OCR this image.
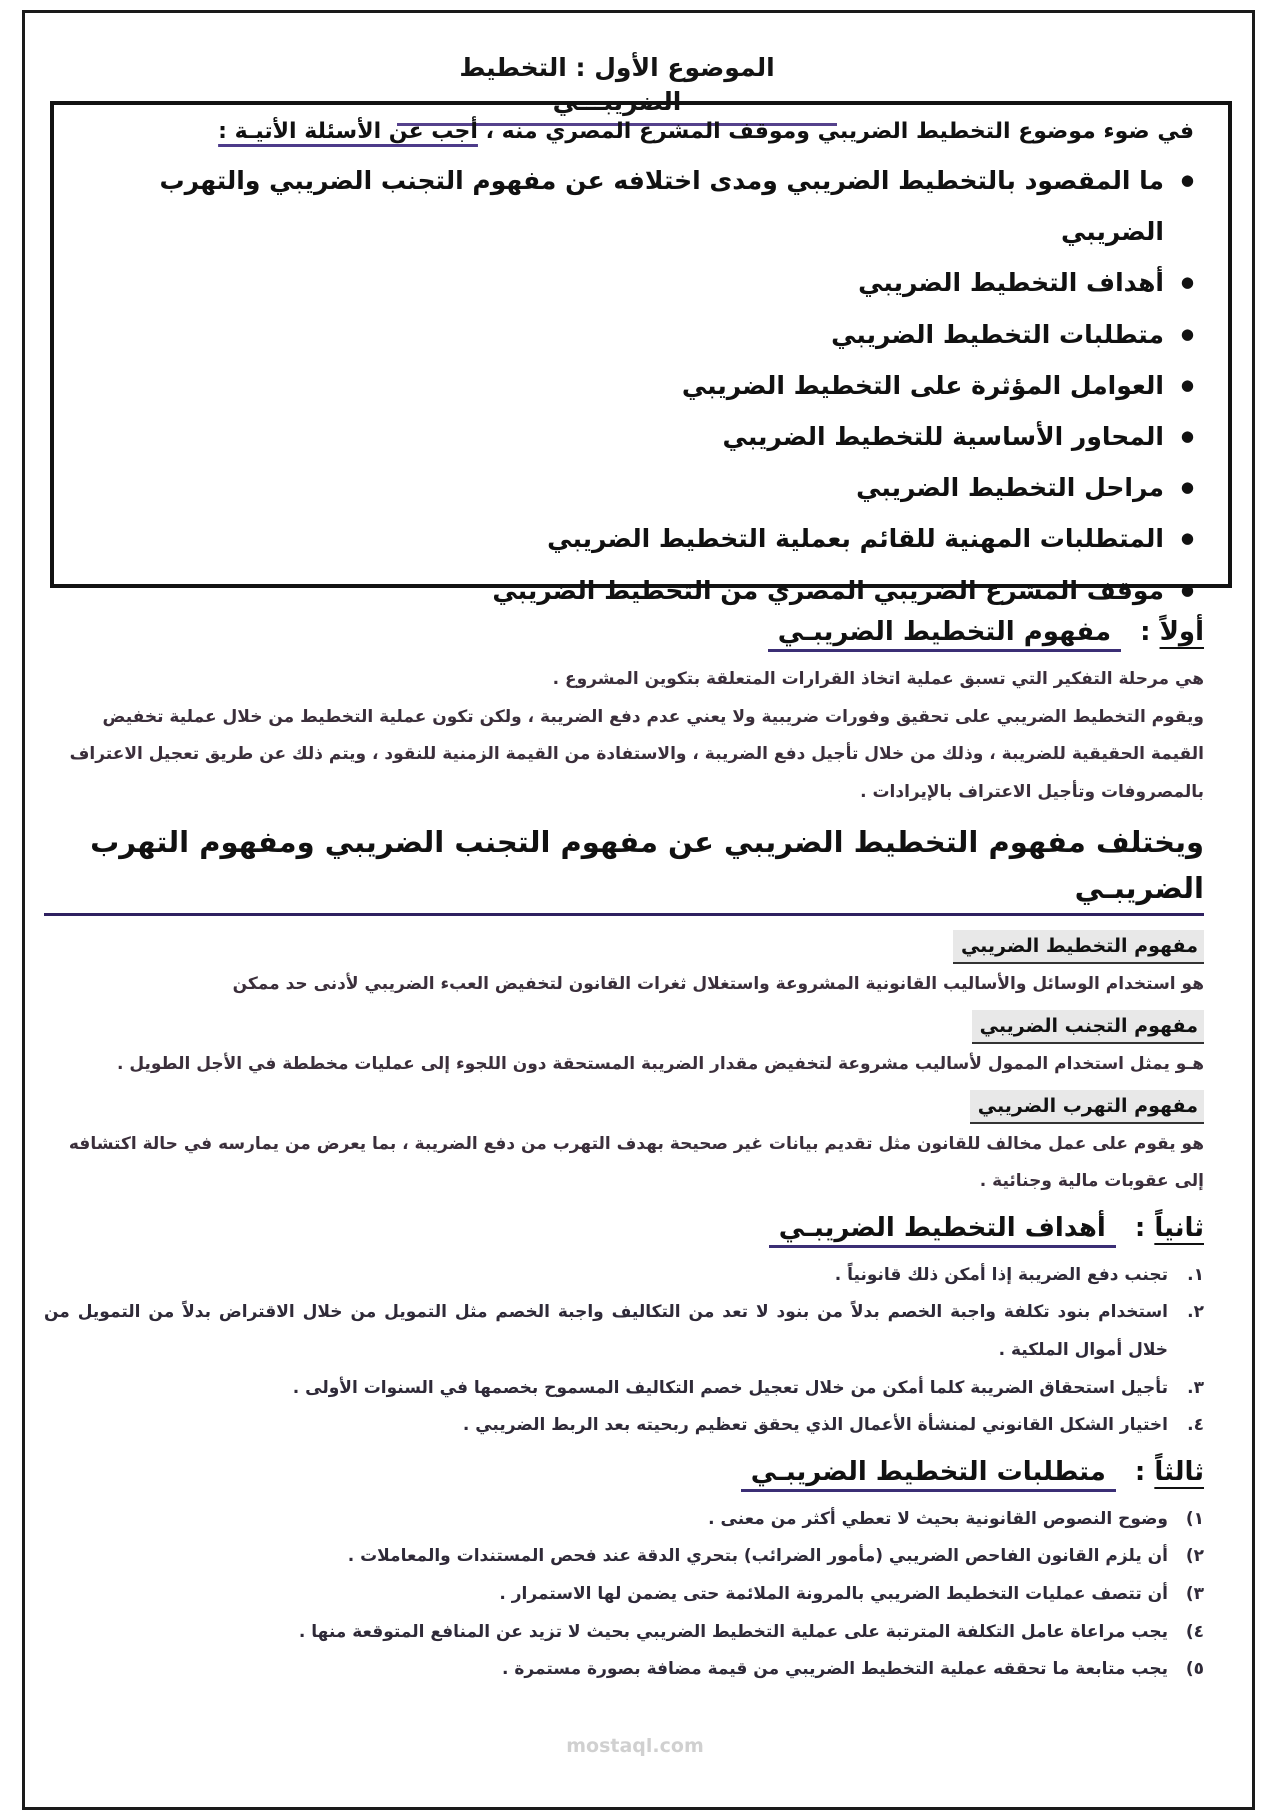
الموضوع الأول : التخطيط الضريبـــي

في ضوء موضوع التخطيط الضريبي وموقف المشرع المصري منه ، أجب عن الأسئلة الأتيـة :

● ما المقصود بالتخطيط الضريبي ومدى اختلافه عن مفهوم التجنب الضريبي والتهرب الضريبي
● أهداف التخطيط الضريبي
● متطلبات التخطيط الضريبي
● العوامل المؤثرة على التخطيط الضريبي
● المحاور الأساسية للتخطيط الضريبي
● مراحل التخطيط الضريبي
● المتطلبات المهنية للقائم بعملية التخطيط الضريبي
● موقف المشرع الضريبي المصري من التخطيط الضريبي
أولاً : مفهوم التخطيط الضريبـي

هي مرحلة التفكير التي تسبق عملية اتخاذ القرارات المتعلقة بتكوين المشروع .

ويقوم التخطيط الضريبي على تحقيق وفورات ضريبية ولا يعني عدم دفع الضريبة ، ولكن تكون عملية التخطيط من خلال عملية تخفيض القيمة الحقيقية للضريبة ، وذلك من خلال تأجيل دفع الضريبة ، والاستفادة من القيمة الزمنية للنقود ، ويتم ذلك عن طريق تعجيل الاعتراف بالمصروفات وتأجيل الاعتراف بالإيرادات .

ويختلف مفهوم التخطيط الضريبي عن مفهوم التجنب الضريبي ومفهوم التهرب الضريبـي
مفهوم التخطيط الضريبي

هو استخدام الوسائل والأساليب القانونية المشروعة واستغلال ثغرات القانون لتخفيض العبء الضريبي لأدنى حد ممكن

مفهوم التجنب الضريبي

هـو يمثل استخدام الممول لأساليب مشروعة لتخفيض مقدار الضريبة المستحقة دون اللجوء إلى عمليات مخططة في الأجل الطويل .

مفهوم التهرب الضريبي

هو يقوم على عمل مخالف للقانون مثل تقديم بيانات غير صحيحة بهدف التهرب من دفع الضريبة ، بما يعرض من يمارسه في حالة اكتشافه إلى عقوبات مالية وجنائية .

ثانياً : أهداف التخطيط الضريبـي
١.
تجنب دفع الضريبة إذا أمكن ذلك قانونياً .
٢.
استخدام بنود تكلفة واجبة الخصم بدلاً من بنود لا تعد من التكاليف واجبة الخصم مثل التمويل من خلال الاقتراض بدلاً من التمويل من خلال أموال الملكية .
٣.
تأجيل استحقاق الضريبة كلما أمكن من خلال تعجيل خصم التكاليف المسموح بخصمها في السنوات الأولى .
٤.
اختيار الشكل القانوني لمنشأة الأعمال الذي يحقق تعظيم ربحيته بعد الربط الضريبي .
ثالثاً : متطلبات التخطيط الضريبـي
١)
وضوح النصوص القانونية بحيث لا تعطي أكثر من معنى .
٢)
أن يلزم القانون الفاحص الضريبي (مأمور الضرائب) بتحري الدقة عند فحص المستندات والمعاملات .
٣)
أن تتصف عمليات التخطيط الضريبي بالمرونة الملائمة حتى يضمن لها الاستمرار .
٤)
يجب مراعاة عامل التكلفة المترتبة على عملية التخطيط الضريبي بحيث لا تزيد عن المنافع المتوقعة منها .
٥)
يجب متابعة ما تحققه عملية التخطيط الضريبي من قيمة مضافة بصورة مستمرة .
mostaql.com
